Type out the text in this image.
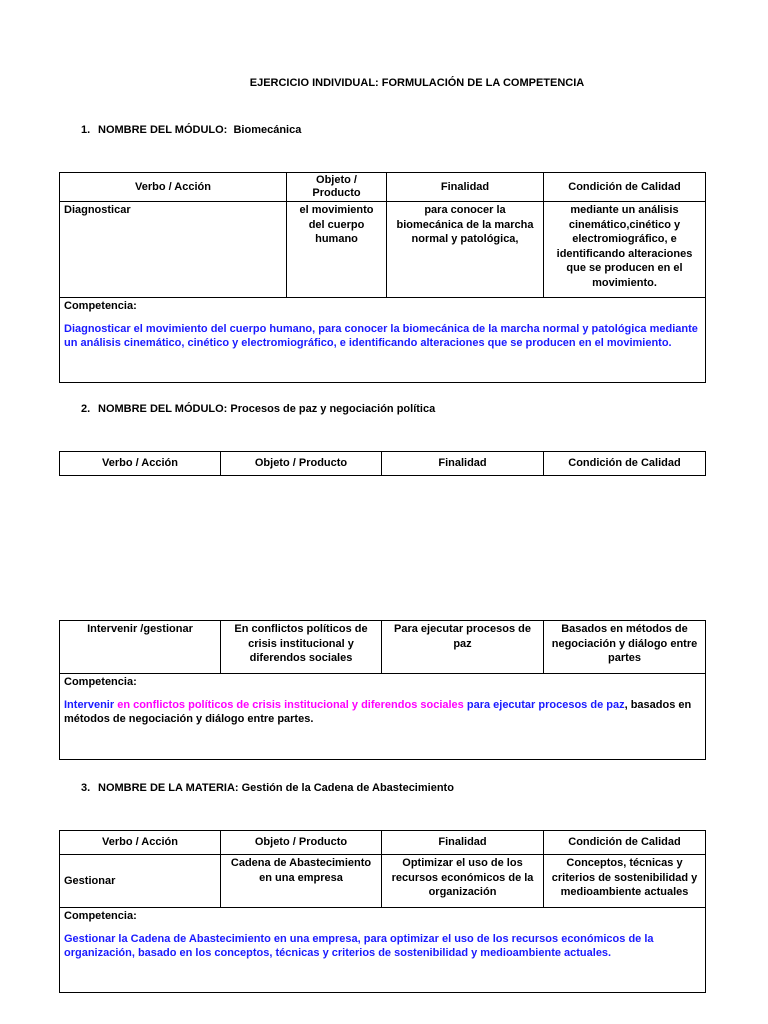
EJERCICIO INDIVIDUAL: FORMULACIÓN DE LA COMPETENCIA
1. NOMBRE DEL MÓDULO: Biomecánica
Verbo / Acción	Objeto / Producto	Finalidad	Condición de Calidad
Diagnosticar	el movimiento del cuerpo humano	para conocer la biomecánica de la marcha normal y patológica,	mediante un análisis cinemático,cinético y electromiográfico, e identificando alteraciones que se producen en el movimiento.

Competencia:
Diagnosticar el movimiento del cuerpo humano, para conocer la biomecánica de la marcha normal y patológica mediante un análisis cinemático, cinético y electromiográfico, e identificando alteraciones que se producen en el movimiento.			
2. NOMBRE DEL MÓDULO: Procesos de paz y negociación política
Verbo / Acción	Objeto / Producto	Finalidad	Condición de Calidad
Intervenir /gestionar	En conflictos políticos de crisis institucional y diferendos sociales	Para ejecutar procesos de paz	Basados en métodos de negociación y diálogo entre partes

Competencia:
Intervenir en conflictos políticos de crisis institucional y diferendos sociales para ejecutar procesos de paz, basados en métodos de negociación y diálogo entre partes.
3. NOMBRE DE LA MATERIA: Gestión de la Cadena de Abastecimiento
Verbo / Acción	Objeto / Producto	Finalidad	Condición de Calidad
Gestionar	Cadena de Abastecimiento en una empresa	Optimizar el uso de los recursos económicos de la organización	Conceptos, técnicas y criterios de sostenibilidad y medioambiente actuales

Competencia:
Gestionar la Cadena de Abastecimiento en una empresa, para optimizar el uso de los recursos económicos de la organización, basado en los conceptos, técnicas y criterios de sostenibilidad y medioambiente actuales.			
